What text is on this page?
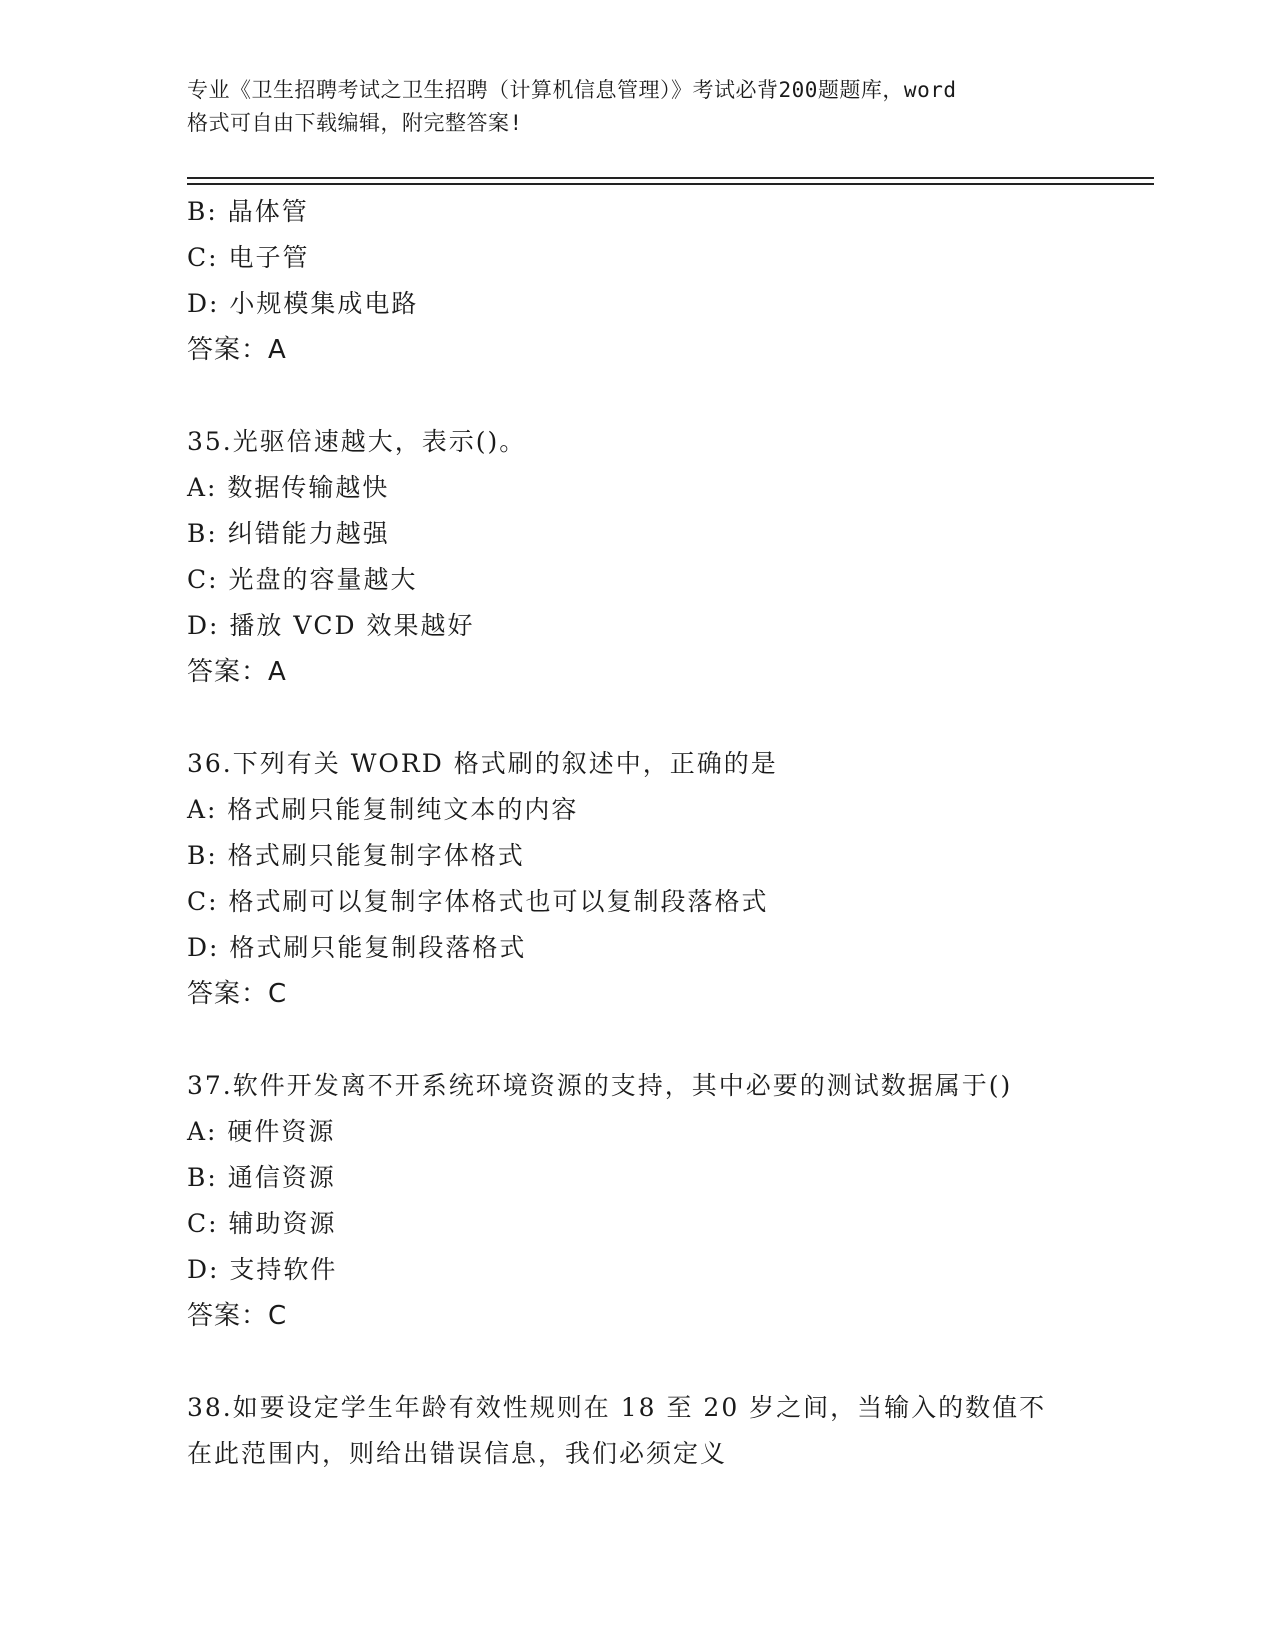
专业《卫生招聘考试之卫生招聘（计算机信息管理）》考试必背200题题库，word
格式可自由下载编辑，附完整答案!
B: 晶体管
C: 电子管
D: 小规模集成电路
答案：A
35.光驱倍速越大，表示()。
A: 数据传输越快
B: 纠错能力越强
C: 光盘的容量越大
D: 播放 VCD 效果越好
答案：A
36.下列有关 WORD 格式刷的叙述中，正确的是
A: 格式刷只能复制纯文本的内容
B: 格式刷只能复制字体格式
C: 格式刷可以复制字体格式也可以复制段落格式
D: 格式刷只能复制段落格式
答案：C
37.软件开发离不开系统环境资源的支持，其中必要的测试数据属于()
A: 硬件资源
B: 通信资源
C: 辅助资源
D: 支持软件
答案：C
38.如要设定学生年龄有效性规则在 18 至 20 岁之间，当输入的数值不
在此范围内，则给出错误信息，我们必须定义
